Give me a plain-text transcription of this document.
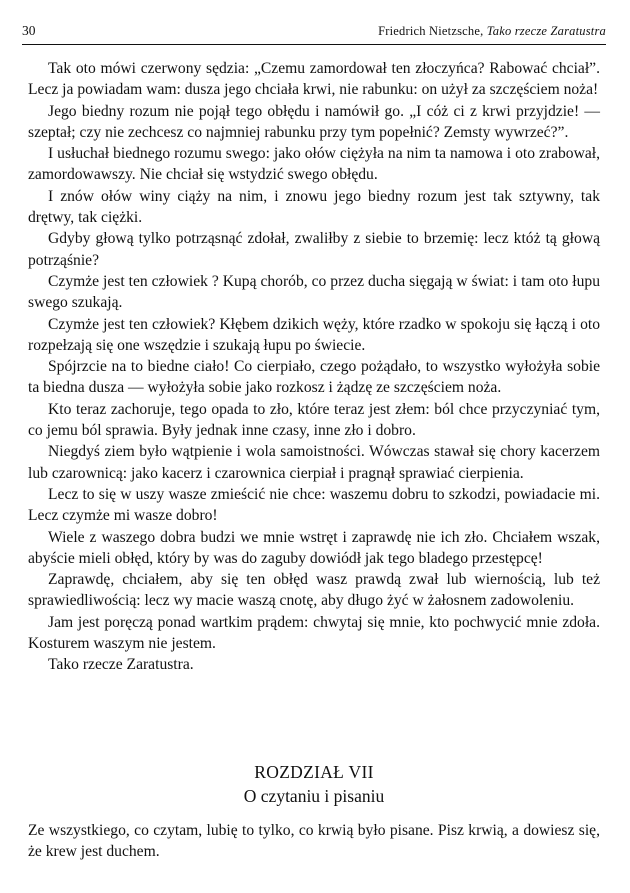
30	Friedrich Nietzsche, Tako rzecze Zaratustra

Tak oto mówi czerwony sędzia: „Czemu zamordował ten złoczyńca? Rabować chciał”. Lecz ja powiadam wam: dusza jego chciała krwi, nie rabunku: on użył za szczęściem noża!

Jego biedny rozum nie pojął tego obłędu i namówił go. „I cóż ci z krwi przyjdzie! — szeptał; czy nie zechcesz co najmniej rabunku przy tym popełnić? Zemsty wywrzeć?”.

I usłuchał biednego rozumu swego: jako ołów ciężyła na nim ta namowa i oto zrabował, zamordowawszy. Nie chciał się wstydzić swego obłędu.

I znów ołów winy ciąży na nim, i znowu jego biedny rozum jest tak sztywny, tak drętwy, tak ciężki.

Gdyby głową tylko potrząsnąć zdołał, zwaliłby z siebie to brzemię: lecz któż tą głową potrząśnie?

Czymże jest ten człowiek ? Kupą chorób, co przez ducha sięgają w świat: i tam oto łupu swego szukają.

Czymże jest ten człowiek? Kłębem dzikich węży, które rzadko w spokoju się łączą i oto rozpełzają się one wszędzie i szukają łupu po świecie.

Spójrzcie na to biedne ciało! Co cierpiało, czego pożądało, to wszystko wyłożyła sobie ta biedna dusza — wyłożyła sobie jako rozkosz i żądzę ze szczęściem noża.

Kto teraz zachoruje, tego opada to zło, które teraz jest złem: ból chce przyczyniać tym, co jemu ból sprawia. Były jednak inne czasy, inne zło i dobro.

Niegdyś ziem było wątpienie i wola samoistności. Wówczas stawał się chory kacerzem lub czarownicą: jako kacerz i czarownica cierpiał i pragnął sprawiać cierpienia.

Lecz to się w uszy wasze zmieścić nie chce: waszemu dobru to szkodzi, powiadacie mi. Lecz czymże mi wasze dobro!

Wiele z waszego dobra budzi we mnie wstręt i zaprawdę nie ich zło. Chciałem wszak, abyście mieli obłęd, który by was do zaguby dowiódł jak tego bladego przestępcę!

Zaprawdę, chciałem, aby się ten obłęd wasz prawdą zwał lub wiernością, lub też sprawiedliwością: lecz wy macie waszą cnotę, aby długo żyć w żałosnem zadowoleniu.

Jam jest poręczą ponad wartkim prądem: chwytaj się mnie, kto pochwycić mnie zdoła. Kosturem waszym nie jestem.

Tako rzecze Zaratustra.

ROZDZIAŁ VII
O czytaniu i pisaniu

Ze wszystkiego, co czytam, lubię to tylko, co krwią było pisane. Pisz krwią, a dowiesz się, że krew jest duchem.
